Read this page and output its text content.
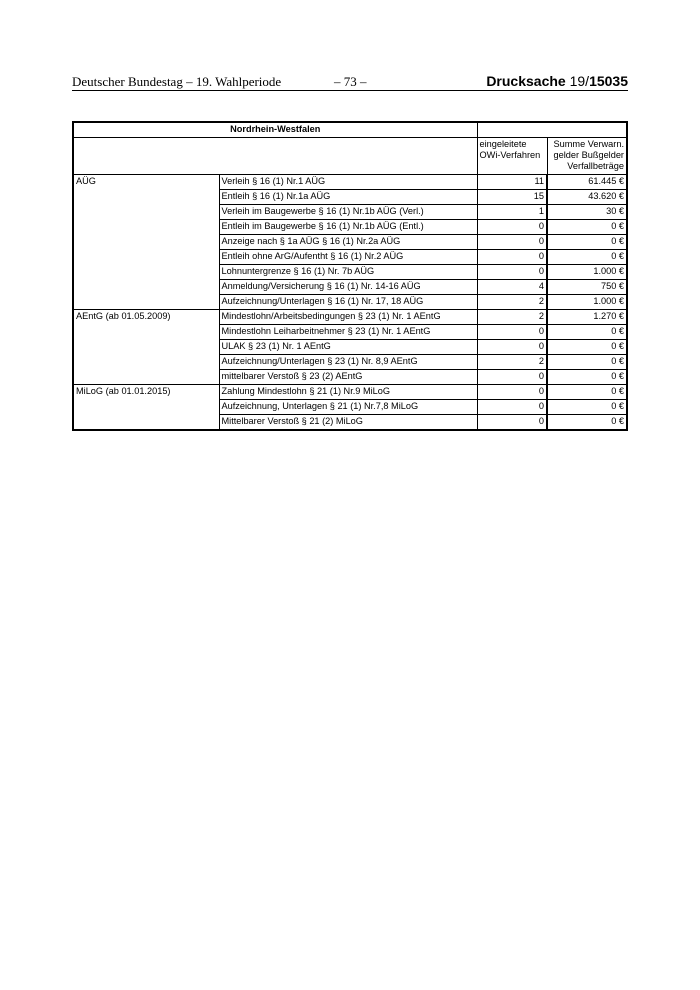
Deutscher Bundestag – 19. Wahlperiode	– 73 –	Drucksache 19/15035
Nordrhein-Westfalen			
		eingeleitete OWi-Verfahren	Summe Verwarn. gelder Bußgelder Verfallbeträge
AÜG	Verleih § 16 (1) Nr.1 AÜG	11	61.445 €
	Entleih § 16 (1) Nr.1a AÜG	15	43.620 €
	Verleih im Baugewerbe § 16 (1) Nr.1b AÜG (Verl.)	1	30 €
	Entleih im Baugewerbe § 16 (1) Nr.1b AÜG (Entl.)	0	0 €
	Anzeige nach § 1a AÜG § 16 (1) Nr.2a AÜG	0	0 €
	Entleih ohne ArG/Aufentht § 16 (1) Nr.2 AÜG	0	0 €
	Lohnuntergrenze § 16 (1) Nr. 7b AÜG	0	1.000 €
	Anmeldung/Versicherung § 16 (1) Nr. 14-16 AÜG	4	750 €
	Aufzeichnung/Unterlagen § 16 (1) Nr. 17, 18 AÜG	2	1.000 €
AEntG (ab 01.05.2009)	Mindestlohn/Arbeitsbedingungen § 23 (1) Nr. 1 AEntG	2	1.270 €
	Mindestlohn Leiharbeitnehmer § 23 (1) Nr. 1 AEntG	0	0 €
	ULAK § 23 (1) Nr. 1 AEntG	0	0 €
	Aufzeichnung/Unterlagen § 23 (1) Nr. 8,9 AEntG	2	0 €
	mittelbarer Verstoß § 23 (2) AEntG	0	0 €
MiLoG (ab 01.01.2015)	Zahlung Mindestlohn § 21 (1) Nr.9 MiLoG	0	0 €
	Aufzeichnung, Unterlagen § 21 (1) Nr.7,8 MiLoG	0	0 €
	Mittelbarer Verstoß § 21 (2) MiLoG	0	0 €
